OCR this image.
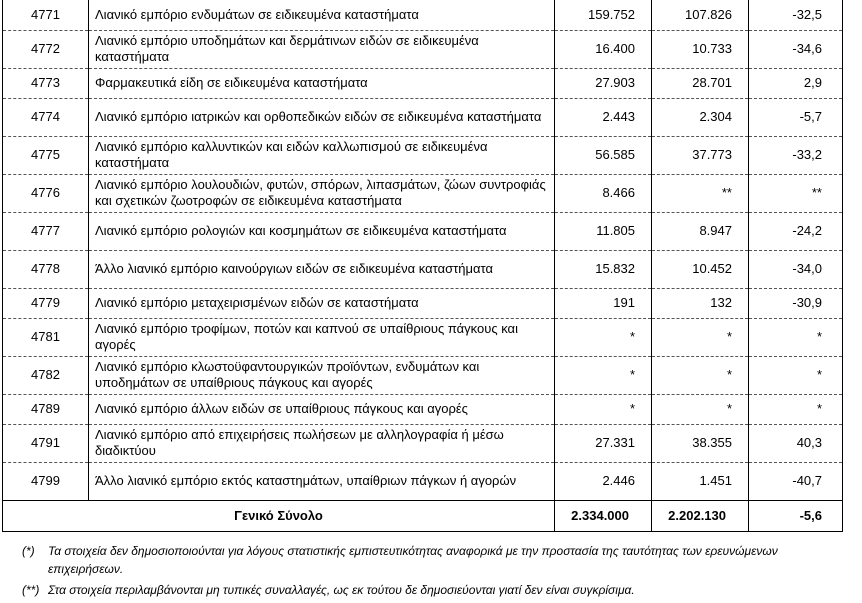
4771	Λιανικό εμπόριο ενδυμάτων σε ειδικευμένα καταστήματα	159.752	107.826	-32,5
4772	Λιανικό εμπόριο υποδημάτων και δερμάτινων ειδών σε ειδικευμένα καταστήματα	16.400	10.733	-34,6
4773	Φαρμακευτικά είδη σε ειδικευμένα καταστήματα	27.903	28.701	2,9
4774	Λιανικό εμπόριο ιατρικών και ορθοπεδικών ειδών σε ειδικευμένα καταστήματα	2.443	2.304	-5,7
4775	Λιανικό εμπόριο καλλυντικών και ειδών καλλωπισμού σε ειδικευμένα καταστήματα	56.585	37.773	-33,2
4776	Λιανικό εμπόριο λουλουδιών, φυτών, σπόρων, λιπασμάτων, ζώων συντροφιάς και σχετικών ζωοτροφών σε ειδικευμένα καταστήματα	8.466	**	**
4777	Λιανικό εμπόριο ρολογιών και κοσμημάτων σε ειδικευμένα καταστήματα	11.805	8.947	-24,2
4778	Άλλο λιανικό εμπόριο καινούργιων ειδών σε ειδικευμένα καταστήματα	15.832	10.452	-34,0
4779	Λιανικό εμπόριο μεταχειρισμένων ειδών σε καταστήματα	191	132	-30,9
4781	Λιανικό εμπόριο τροφίμων, ποτών και καπνού σε υπαίθριους πάγκους και αγορές	*	*	*
4782	Λιανικό εμπόριο κλωστοϋφαντουργικών προϊόντων, ενδυμάτων και υποδημάτων σε υπαίθριους πάγκους και αγορές	*	*	*
4789	Λιανικό εμπόριο άλλων ειδών σε υπαίθριους πάγκους και αγορές	*	*	*
4791	Λιανικό εμπόριο από επιχειρήσεις πωλήσεων με αλληλογραφία ή μέσω διαδικτύου	27.331	38.355	40,3
4799	Άλλο λιανικό εμπόριο εκτός καταστημάτων, υπαίθριων πάγκων ή αγορών	2.446	1.451	-40,7
Γενικό Σύνολο		2.334.000	2.202.130	-5,6
(*)	Τα στοιχεία δεν δημοσιοποιούνται για λόγους στατιστικής εμπιστευτικότητας αναφορικά με την προστασία της ταυτότητας των ερευνώμενων επιχειρήσεων.
(**) Στα στοιχεία περιλαμβάνονται μη τυπικές συναλλαγές, ως εκ τούτου δε δημοσιεύονται γιατί δεν είναι συγκρίσιμα.
